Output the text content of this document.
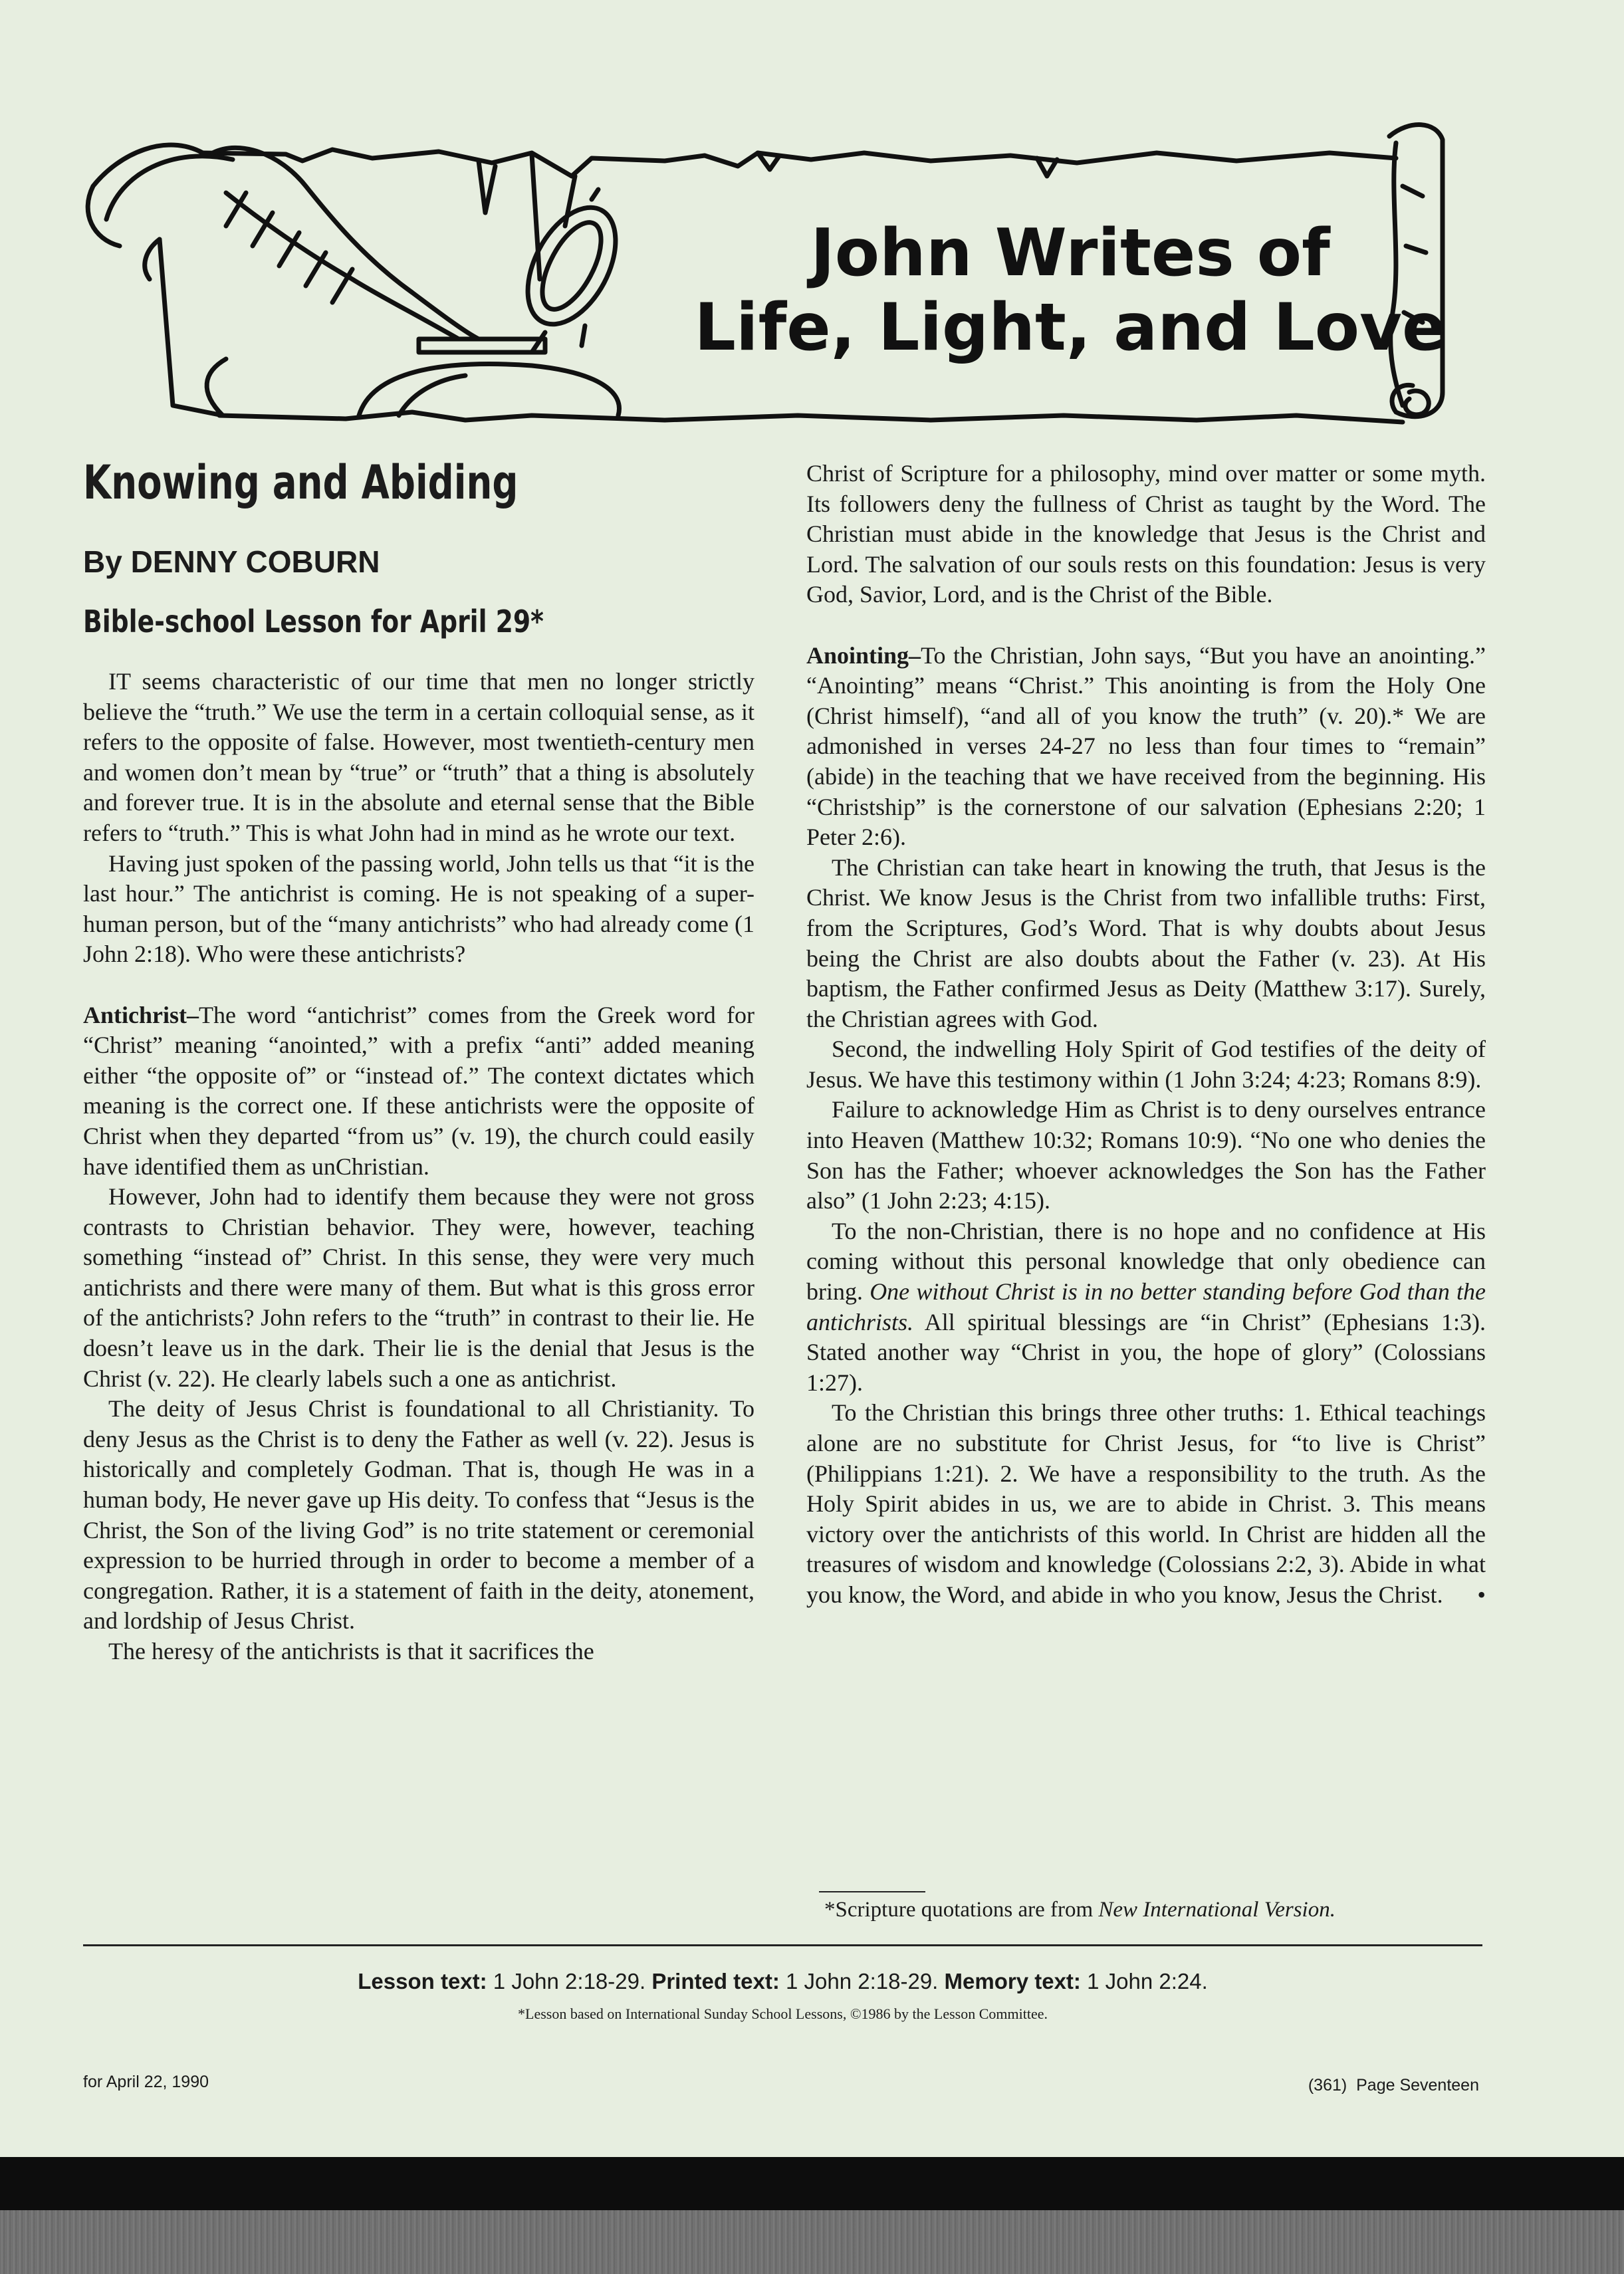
John Writes of
Life, Light, and Love
Knowing and Abiding
By DENNY COBURN
Bible-school Lesson for April 29*

IT seems characteristic of our time that men no longer strictly believe the “truth.” We use the term in a certain colloquial sense, as it refers to the opposite of false. However, most twentieth-century men and women don’t mean by “true” or “truth” that a thing is absolutely and forever true. It is in the absolute and eternal sense that the Bible refers to “truth.” This is what John had in mind as he wrote our text.

Having just spoken of the passing world, John tells us that “it is the last hour.” The antichrist is coming. He is not speaking of a super-human person, but of the “many antichrists” who had already come (1 John 2:18). Who were these antichrists?

Antichrist–The word “antichrist” comes from the Greek word for “Christ” meaning “anointed,” with a prefix “anti” added meaning either “the opposite of” or “instead of.” The context dictates which meaning is the correct one. If these antichrists were the opposite of Christ when they departed “from us” (v. 19), the church could easily have identified them as unChristian.

However, John had to identify them because they were not gross contrasts to Christian behavior. They were, however, teaching something “instead of” Christ. In this sense, they were very much antichrists and there were many of them. But what is this gross error of the antichrists? John refers to the “truth” in contrast to their lie. He doesn’t leave us in the dark. Their lie is the denial that Jesus is the Christ (v. 22). He clearly labels such a one as antichrist.

The deity of Jesus Christ is foundational to all Christianity. To deny Jesus as the Christ is to deny the Father as well (v. 22). Jesus is historically and completely Godman. That is, though He was in a human body, He never gave up His deity. To confess that “Jesus is the Christ, the Son of the living God” is no trite statement or ceremonial expression to be hurried through in order to become a member of a congregation. Rather, it is a statement of faith in the deity, atonement, and lordship of Jesus Christ.

The heresy of the antichrists is that it sacrifices the

Christ of Scripture for a philosophy, mind over matter or some myth. Its followers deny the fullness of Christ as taught by the Word. The Christian must abide in the knowledge that Jesus is the Christ and Lord. The salvation of our souls rests on this foundation: Jesus is very God, Savior, Lord, and is the Christ of the Bible.

Anointing–To the Christian, John says, “But you have an anointing.” “Anointing” means “Christ.” This anointing is from the Holy One (Christ himself), “and all of you know the truth” (v. 20).* We are admonished in verses 24-27 no less than four times to “remain” (abide) in the teaching that we have received from the beginning. His “Christship” is the cornerstone of our salvation (Ephesians 2:20; 1 Peter 2:6).

The Christian can take heart in knowing the truth, that Jesus is the Christ. We know Jesus is the Christ from two infallible truths: First, from the Scriptures, God’s Word. That is why doubts about Jesus being the Christ are also doubts about the Father (v. 23). At His baptism, the Father confirmed Jesus as Deity (Matthew 3:17). Surely, the Christian agrees with God.

Second, the indwelling Holy Spirit of God testifies of the deity of Jesus. We have this testimony within (1 John 3:24; 4:23; Romans 8:9).

Failure to acknowledge Him as Christ is to deny ourselves entrance into Heaven (Matthew 10:32; Romans 10:9). “No one who denies the Son has the Father; whoever acknowledges the Son has the Father also” (1 John 2:23; 4:15).

To the non-Christian, there is no hope and no confidence at His coming without this personal knowledge that only obedience can bring. One without Christ is in no better standing before God than the antichrists. All spiritual blessings are “in Christ” (Ephesians 1:3). Stated another way “Christ in you, the hope of glory” (Colossians 1:27).

To the Christian this brings three other truths: 1. Ethical teachings alone are no substitute for Christ Jesus, for “to live is Christ” (Philippians 1:21). 2. We have a responsibility to the truth. As the Holy Spirit abides in us, we are to abide in Christ. 3. This means victory over the antichrists of this world. In Christ are hidden all the treasures of wisdom and knowledge (Colossians 2:2, 3). Abide in what you know, the Word, and abide in who you know, Jesus the Christ.	•

*Scripture quotations are from New International Version.
Lesson text: 1 John 2:18-29. Printed text: 1 John 2:18-29. Memory text: 1 John 2:24.
*Lesson based on International Sunday School Lessons, ©1986 by the Lesson Committee.
for April 22, 1990	(361)  Page Seventeen
